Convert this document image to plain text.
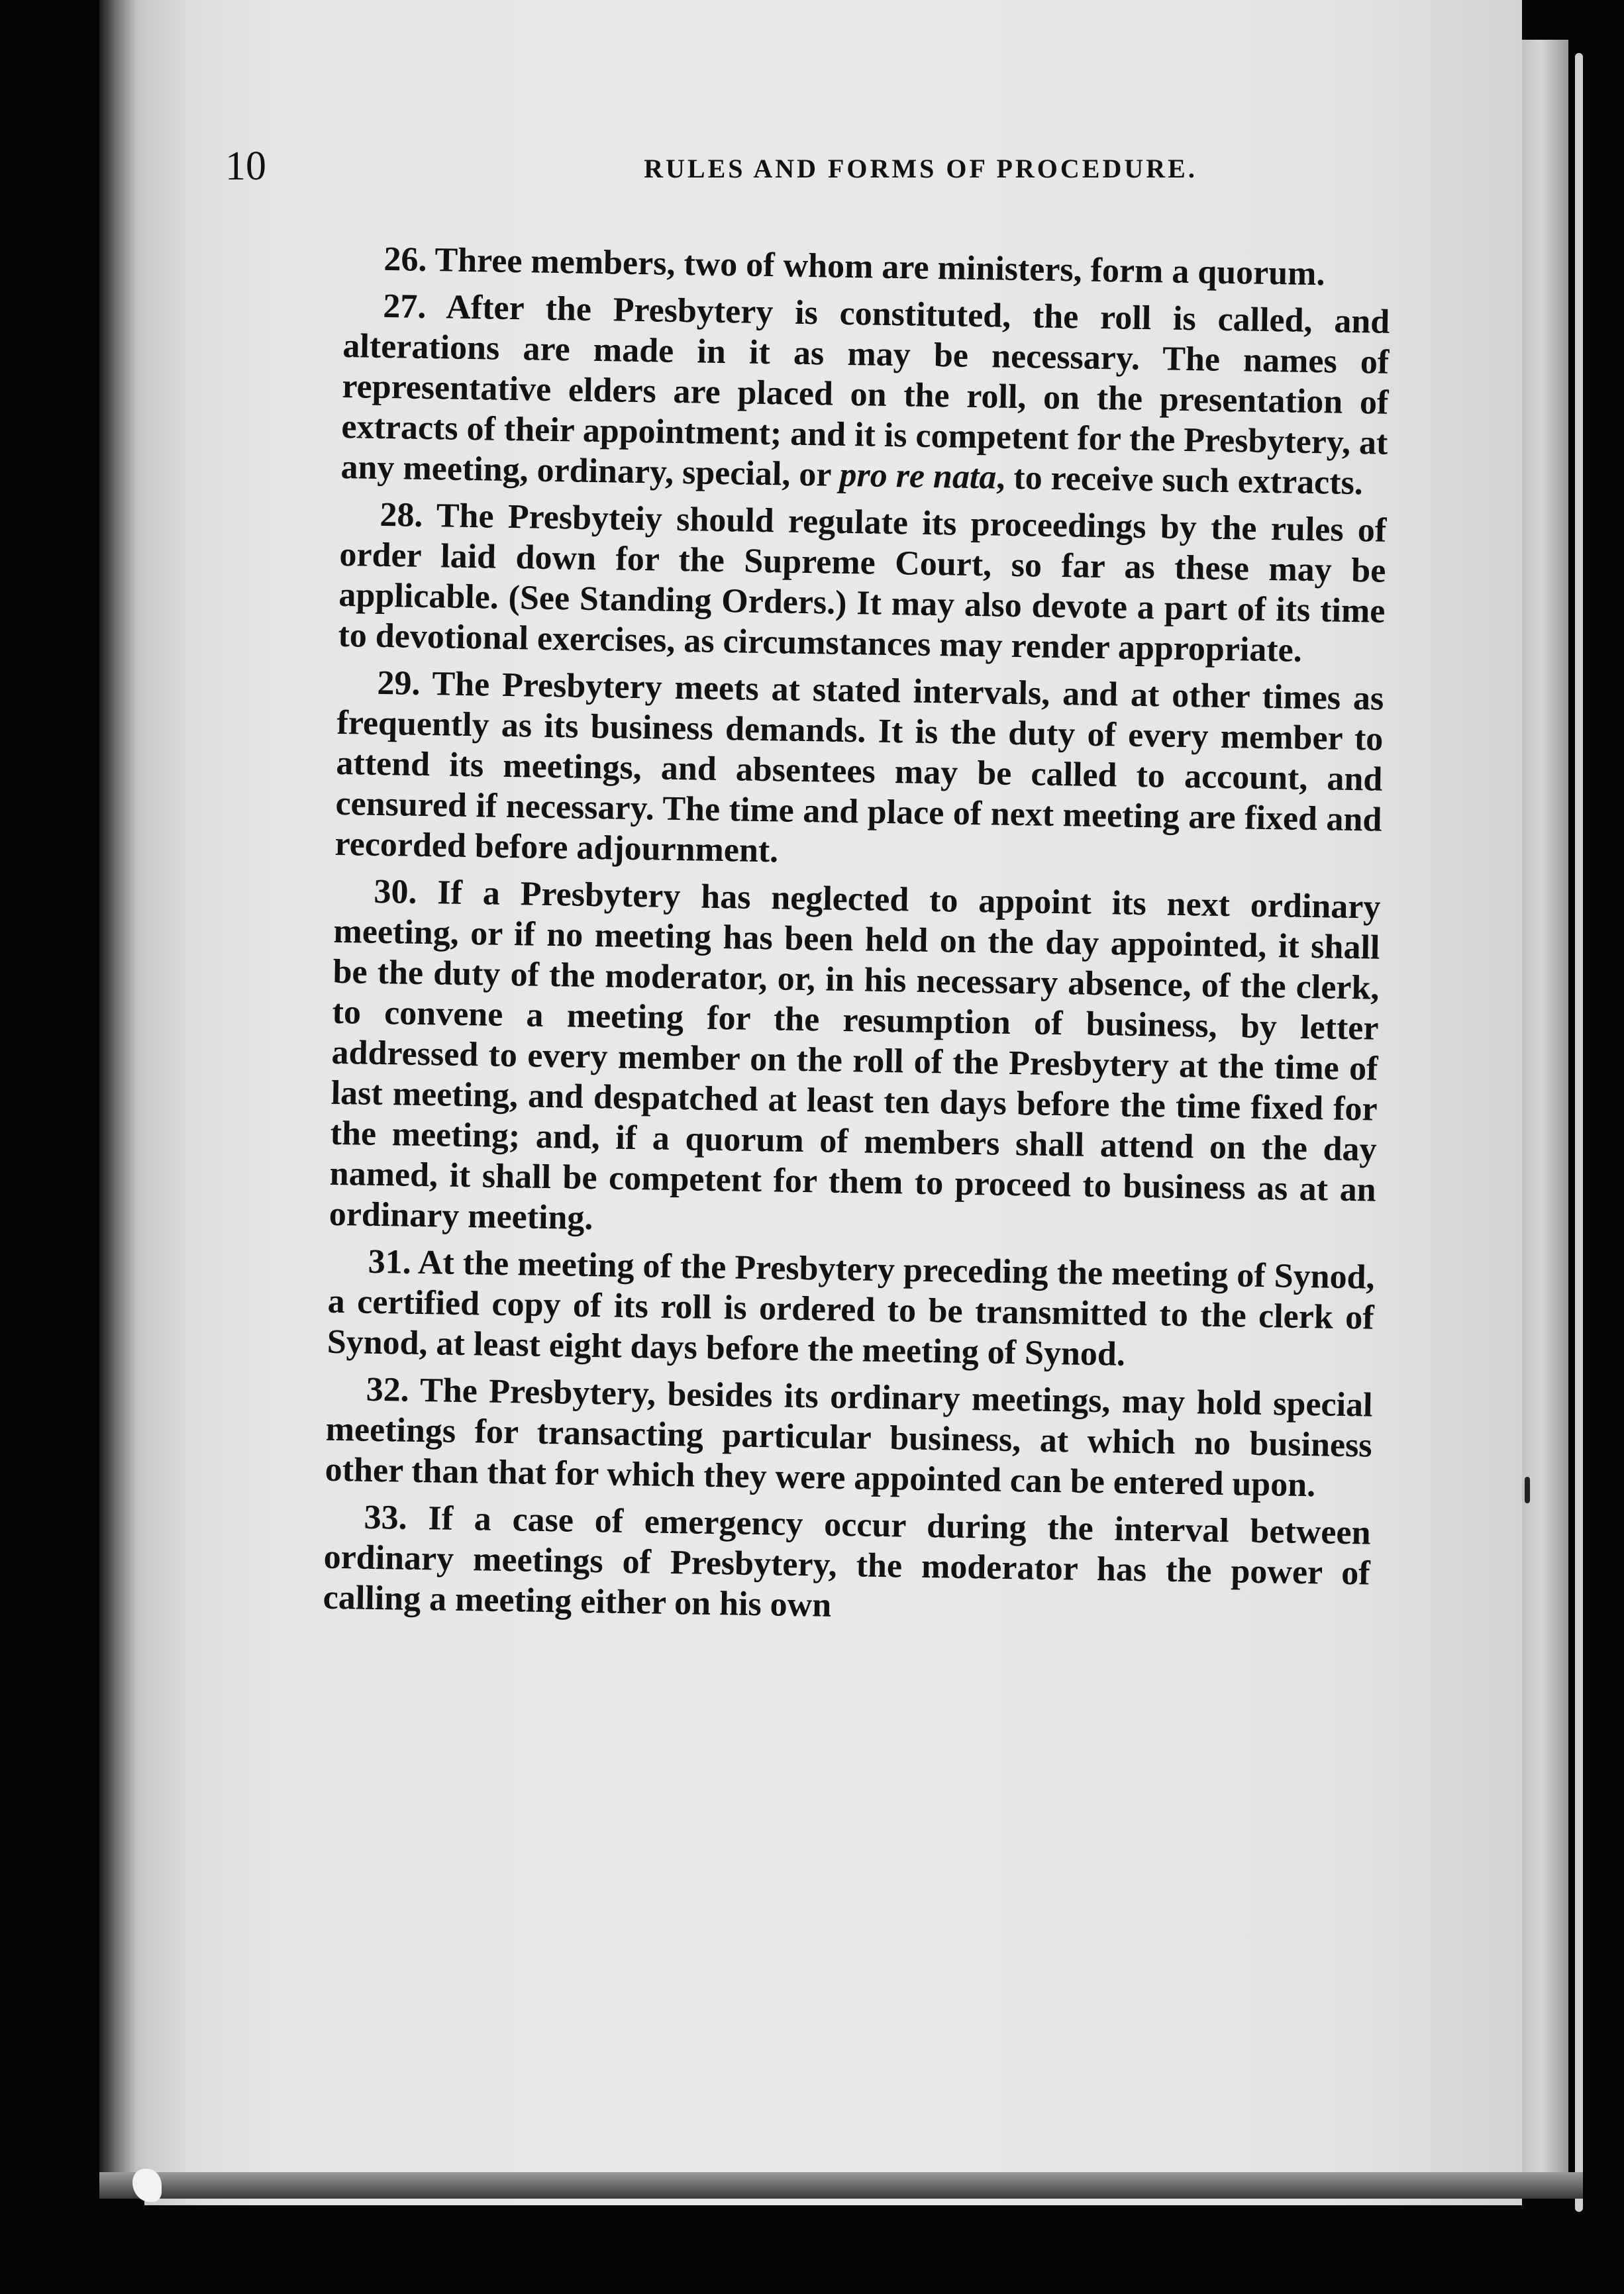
10	RULES AND FORMS OF PROCEDURE.

26. Three members, two of whom are ministers, form a quorum.

27. After the Presbytery is constituted, the roll is called, and alterations are made in it as may be necessary. The names of representative elders are placed on the roll, on the presentation of extracts of their appointment; and it is competent for the Presbytery, at any meeting, ordinary, special, or pro re nata, to receive such extracts.

28. The Presbyteiy should regulate its proceedings by the rules of order laid down for the Supreme Court, so far as these may be applicable. (See Standing Orders.) It may also devote a part of its time to devotional exercises, as circumstances may render appropriate.

29. The Presbytery meets at stated intervals, and at other times as frequently as its business demands. It is the duty of every member to attend its meetings, and absentees may be called to account, and censured if necessary. The time and place of next meeting are fixed and recorded before adjournment.

30. If a Presbytery has neglected to appoint its next ordinary meeting, or if no meeting has been held on the day appointed, it shall be the duty of the moderator, or, in his necessary absence, of the clerk, to convene a meeting for the resumption of business, by letter addressed to every member on the roll of the Presbytery at the time of last meeting, and despatched at least ten days before the time fixed for the meeting; and, if a quorum of members shall attend on the day named, it shall be competent for them to proceed to business as at an ordinary meeting.

31. At the meeting of the Presbytery preceding the meeting of Synod, a certified copy of its roll is ordered to be transmitted to the clerk of Synod, at least eight days before the meeting of Synod.

32. The Presbytery, besides its ordinary meetings, may hold special meetings for transacting particular business, at which no business other than that for which they were appointed can be entered upon.

33. If a case of emergency occur during the interval between ordinary meetings of Presbytery, the moderator has the power of calling a meeting either on his own
